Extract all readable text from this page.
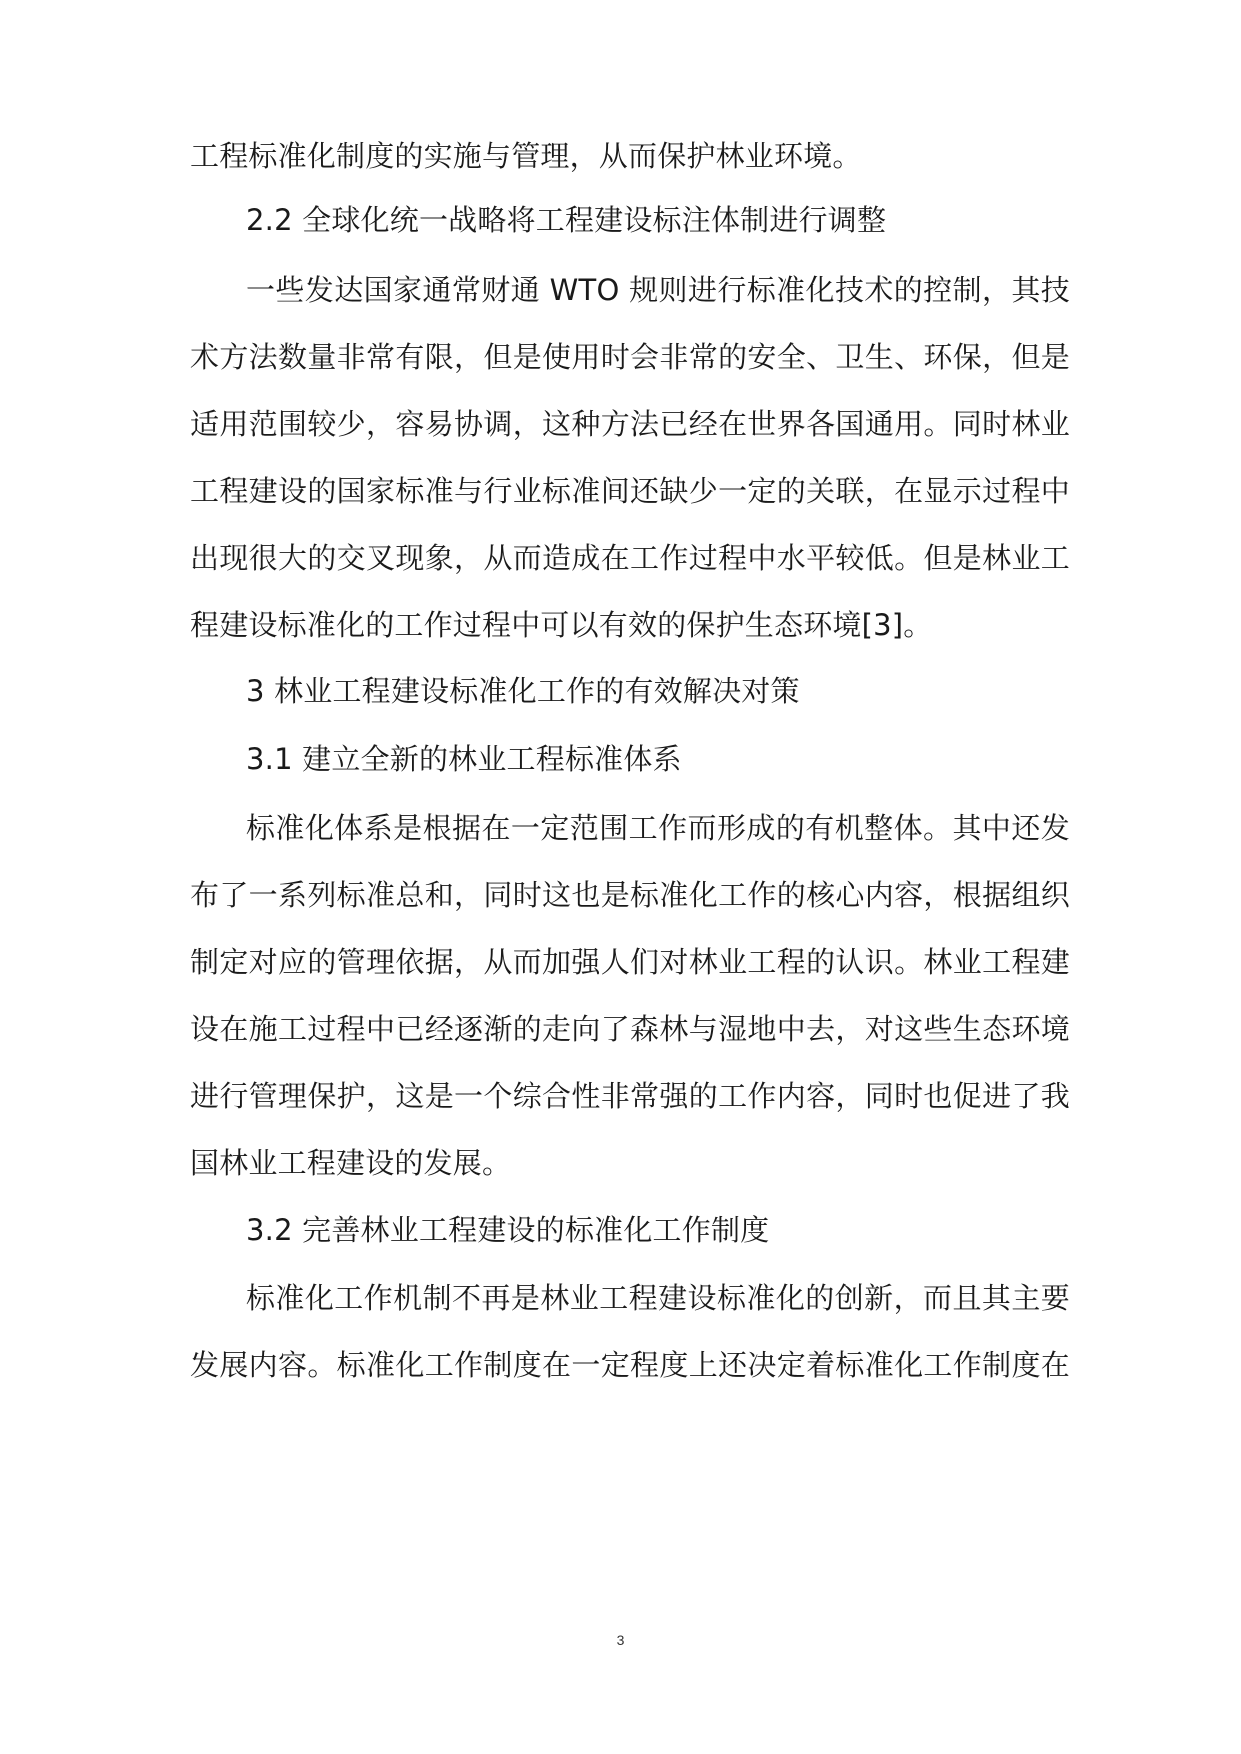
工程标准化制度的实施与管理，从而保护林业环境。
2.2 全球化统一战略将工程建设标注体制进行调整
一些发达国家通常财通 WTO 规则进行标准化技术的控制，其技
术方法数量非常有限，但是使用时会非常的安全、卫生、环保，但是
适用范围较少，容易协调，这种方法已经在世界各国通用。同时林业
工程建设的国家标准与行业标准间还缺少一定的关联，在显示过程中
出现很大的交叉现象，从而造成在工作过程中水平较低。但是林业工
程建设标准化的工作过程中可以有效的保护生态环境[3]。
3 林业工程建设标准化工作的有效解决对策
3.1 建立全新的林业工程标准体系
标准化体系是根据在一定范围工作而形成的有机整体。其中还发
布了一系列标准总和，同时这也是标准化工作的核心内容，根据组织
制定对应的管理依据，从而加强人们对林业工程的认识。林业工程建
设在施工过程中已经逐渐的走向了森林与湿地中去，对这些生态环境
进行管理保护，这是一个综合性非常强的工作内容，同时也促进了我
国林业工程建设的发展。
3.2 完善林业工程建设的标准化工作制度
标准化工作机制不再是林业工程建设标准化的创新，而且其主要
发展内容。标准化工作制度在一定程度上还决定着标准化工作制度在
3
